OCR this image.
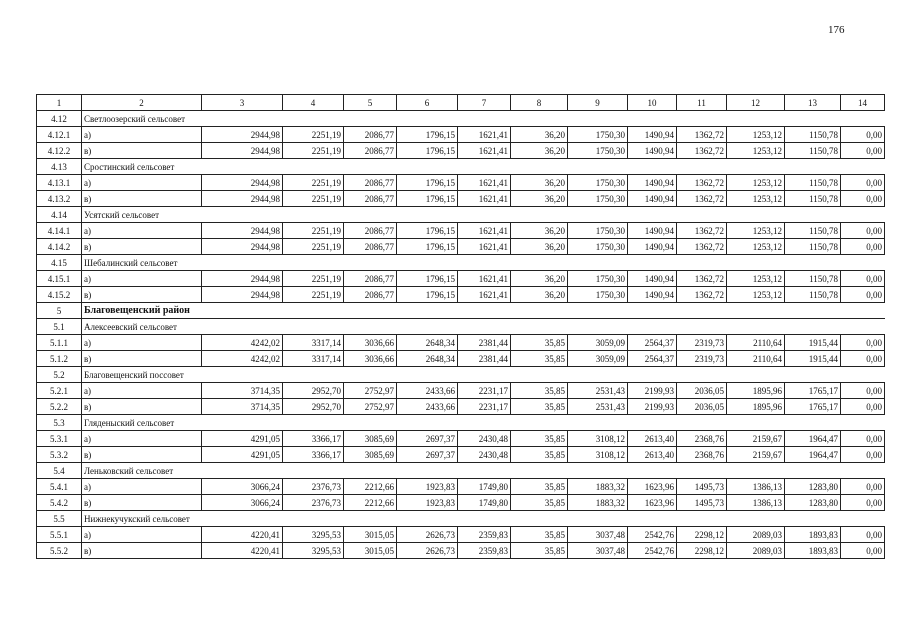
176
1	2	3	4	5	6	7	8	9	10	11	12	13	14
4.12	Светлоозерский сельсовет												
4.12.1	а)	2944,98	2251,19	2086,77	1796,15	1621,41	36,20	1750,30	1490,94	1362,72	1253,12	1150,78	0,00
4.12.2	в)	2944,98	2251,19	2086,77	1796,15	1621,41	36,20	1750,30	1490,94	1362,72	1253,12	1150,78	0,00
4.13	Сростинский сельсовет												
4.13.1	а)	2944,98	2251,19	2086,77	1796,15	1621,41	36,20	1750,30	1490,94	1362,72	1253,12	1150,78	0,00
4.13.2	в)	2944,98	2251,19	2086,77	1796,15	1621,41	36,20	1750,30	1490,94	1362,72	1253,12	1150,78	0,00
4.14	Усятский сельсовет												
4.14.1	а)	2944,98	2251,19	2086,77	1796,15	1621,41	36,20	1750,30	1490,94	1362,72	1253,12	1150,78	0,00
4.14.2	в)	2944,98	2251,19	2086,77	1796,15	1621,41	36,20	1750,30	1490,94	1362,72	1253,12	1150,78	0,00
4.15	Шебалинский сельсовет												
4.15.1	а)	2944,98	2251,19	2086,77	1796,15	1621,41	36,20	1750,30	1490,94	1362,72	1253,12	1150,78	0,00
4.15.2	в)	2944,98	2251,19	2086,77	1796,15	1621,41	36,20	1750,30	1490,94	1362,72	1253,12	1150,78	0,00
5	Благовещенский район												
5.1	Алексеевский сельсовет												
5.1.1	а)	4242,02	3317,14	3036,66	2648,34	2381,44	35,85	3059,09	2564,37	2319,73	2110,64	1915,44	0,00
5.1.2	в)	4242,02	3317,14	3036,66	2648,34	2381,44	35,85	3059,09	2564,37	2319,73	2110,64	1915,44	0,00
5.2	Благовещенский поссовет												
5.2.1	а)	3714,35	2952,70	2752,97	2433,66	2231,17	35,85	2531,43	2199,93	2036,05	1895,96	1765,17	0,00
5.2.2	в)	3714,35	2952,70	2752,97	2433,66	2231,17	35,85	2531,43	2199,93	2036,05	1895,96	1765,17	0,00
5.3	Гляденыский сельсовет												
5.3.1	а)	4291,05	3366,17	3085,69	2697,37	2430,48	35,85	3108,12	2613,40	2368,76	2159,67	1964,47	0,00
5.3.2	в)	4291,05	3366,17	3085,69	2697,37	2430,48	35,85	3108,12	2613,40	2368,76	2159,67	1964,47	0,00
5.4	Леньковский сельсовет												
5.4.1	а)	3066,24	2376,73	2212,66	1923,83	1749,80	35,85	1883,32	1623,96	1495,73	1386,13	1283,80	0,00
5.4.2	в)	3066,24	2376,73	2212,66	1923,83	1749,80	35,85	1883,32	1623,96	1495,73	1386,13	1283,80	0,00
5.5	Нижнекучукский сельсовет												
5.5.1	а)	4220,41	3295,53	3015,05	2626,73	2359,83	35,85	3037,48	2542,76	2298,12	2089,03	1893,83	0,00
5.5.2	в)	4220,41	3295,53	3015,05	2626,73	2359,83	35,85	3037,48	2542,76	2298,12	2089,03	1893,83	0,00
